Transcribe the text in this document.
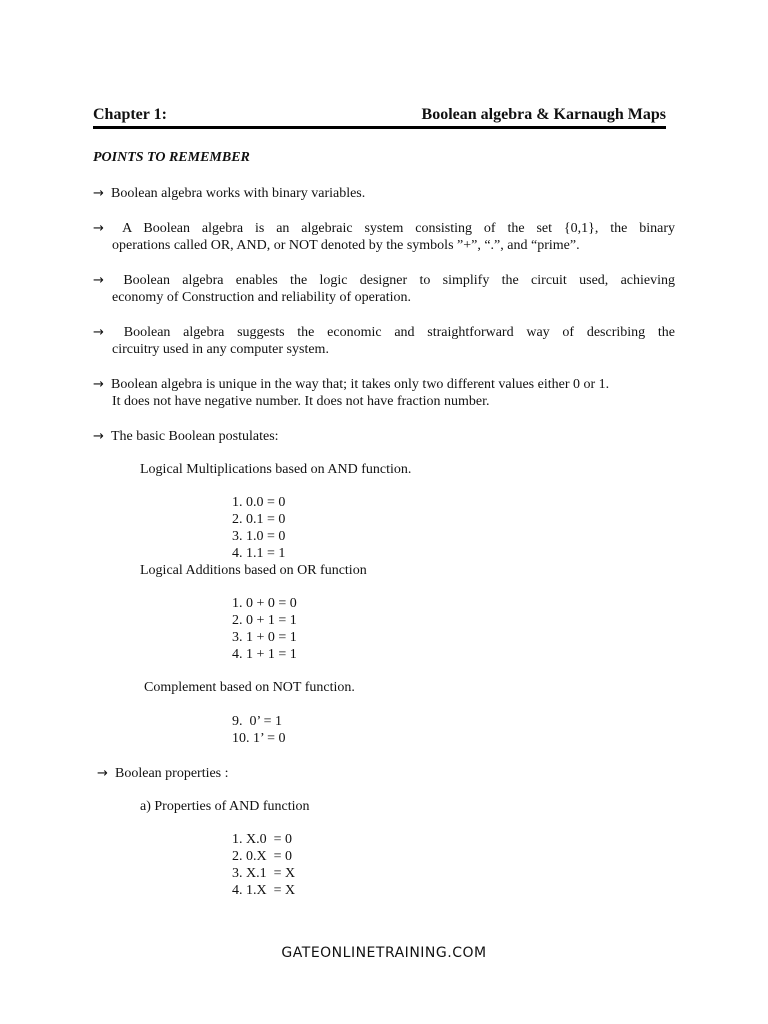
Chapter 1:	Boolean algebra & Karnaugh Maps
POINTS TO REMEMBER
→ Boolean algebra works with binary variables.
→ A Boolean algebra is an algebraic system consisting of the set {0,1}, the binary
operations called OR, AND, or NOT denoted by the symbols ”+”, “.”, and “prime”.
→ Boolean algebra enables the logic designer to simplify the circuit used, achieving
economy of Construction and reliability of operation.
→ Boolean algebra suggests the economic and straightforward way of describing the
circuitry used in any computer system.
→ Boolean algebra is unique in the way that; it takes only two different values either 0 or 1.
It does not have negative number. It does not have fraction number.
→ The basic Boolean postulates:
Logical Multiplications based on AND function.
1. 0.0 = 0
2. 0.1 = 0
3. 1.0 = 0
4. 1.1 = 1
Logical Additions based on OR function
1. 0 + 0 = 0
2. 0 + 1 = 1
3. 1 + 0 = 1
4. 1 + 1 = 1
Complement based on NOT function.
9.  0’ = 1
10. 1’ = 0
→ Boolean properties :
a) Properties of AND function
1. X.0  = 0
2. 0.X  = 0
3. X.1  = X
4. 1.X  = X
GATEONLINETRAINING.COM
